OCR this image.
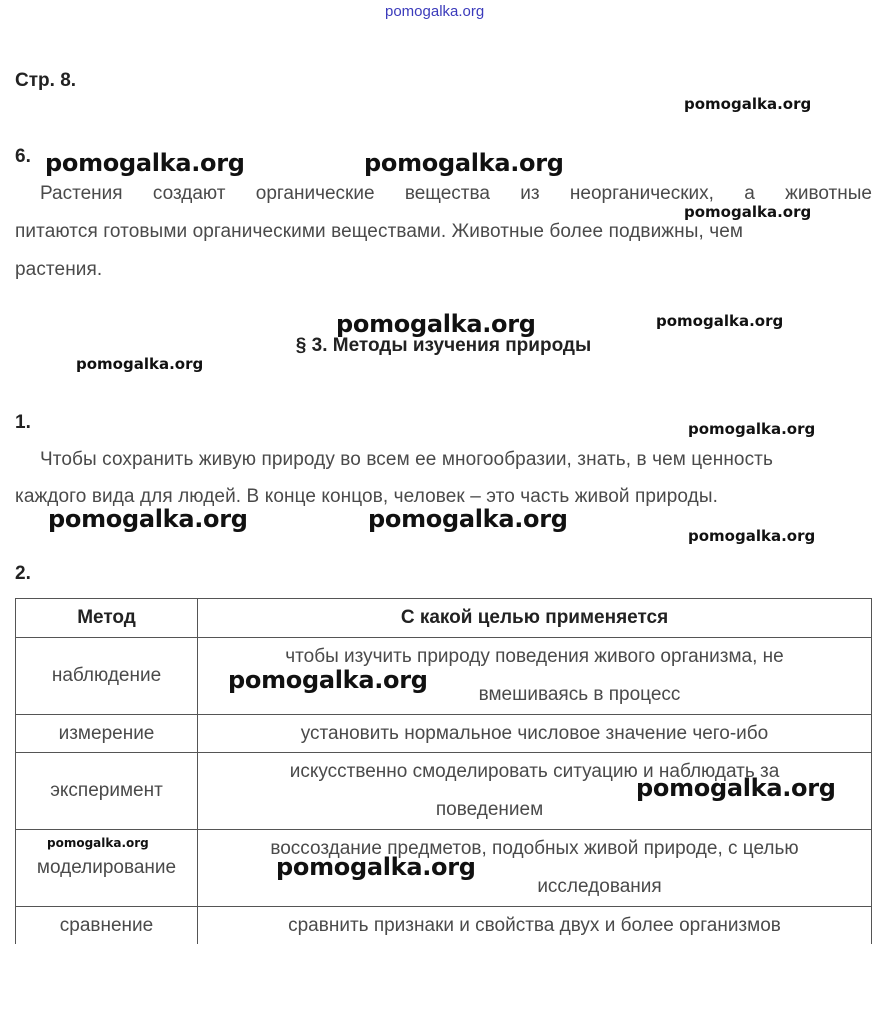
pomogalka.org
Стр. 8.
pomogalka.org
6. pomogalka.org	pomogalka.org
Растения создают органические вещества из неорганических, а животные
pomogalka.org
питаются готовыми органическими веществами. Животные более подвижны, чем
растения.
pomogalka.org	pomogalka.org
§ 3. Методы изучения природы
pomogalka.org
1.	pomogalka.org
Чтобы сохранить живую природу во всем ее многообразии, знать, в чем ценность
каждого вида для людей. В конце концов, человек – это часть живой природы.
pomogalka.org	pomogalka.org
pomogalka.org
2.
Метод	С какой целью применяется
наблюдение	чтобы изучить природу поведения живого организма, не
вмешиваясь в процесс

измерение	установить нормальное числовое значение чего-ибо
эксперимент	искусственно смоделировать ситуацию и наблюдать за
поведением

моделирование	воссоздание предметов, подобных живой природе, с целью
исследования

сравнение	сравнить признаки и свойства двух и более организмов
pomogalka.org
pomogalka.org
pomogalka.org
pomogalka.org
